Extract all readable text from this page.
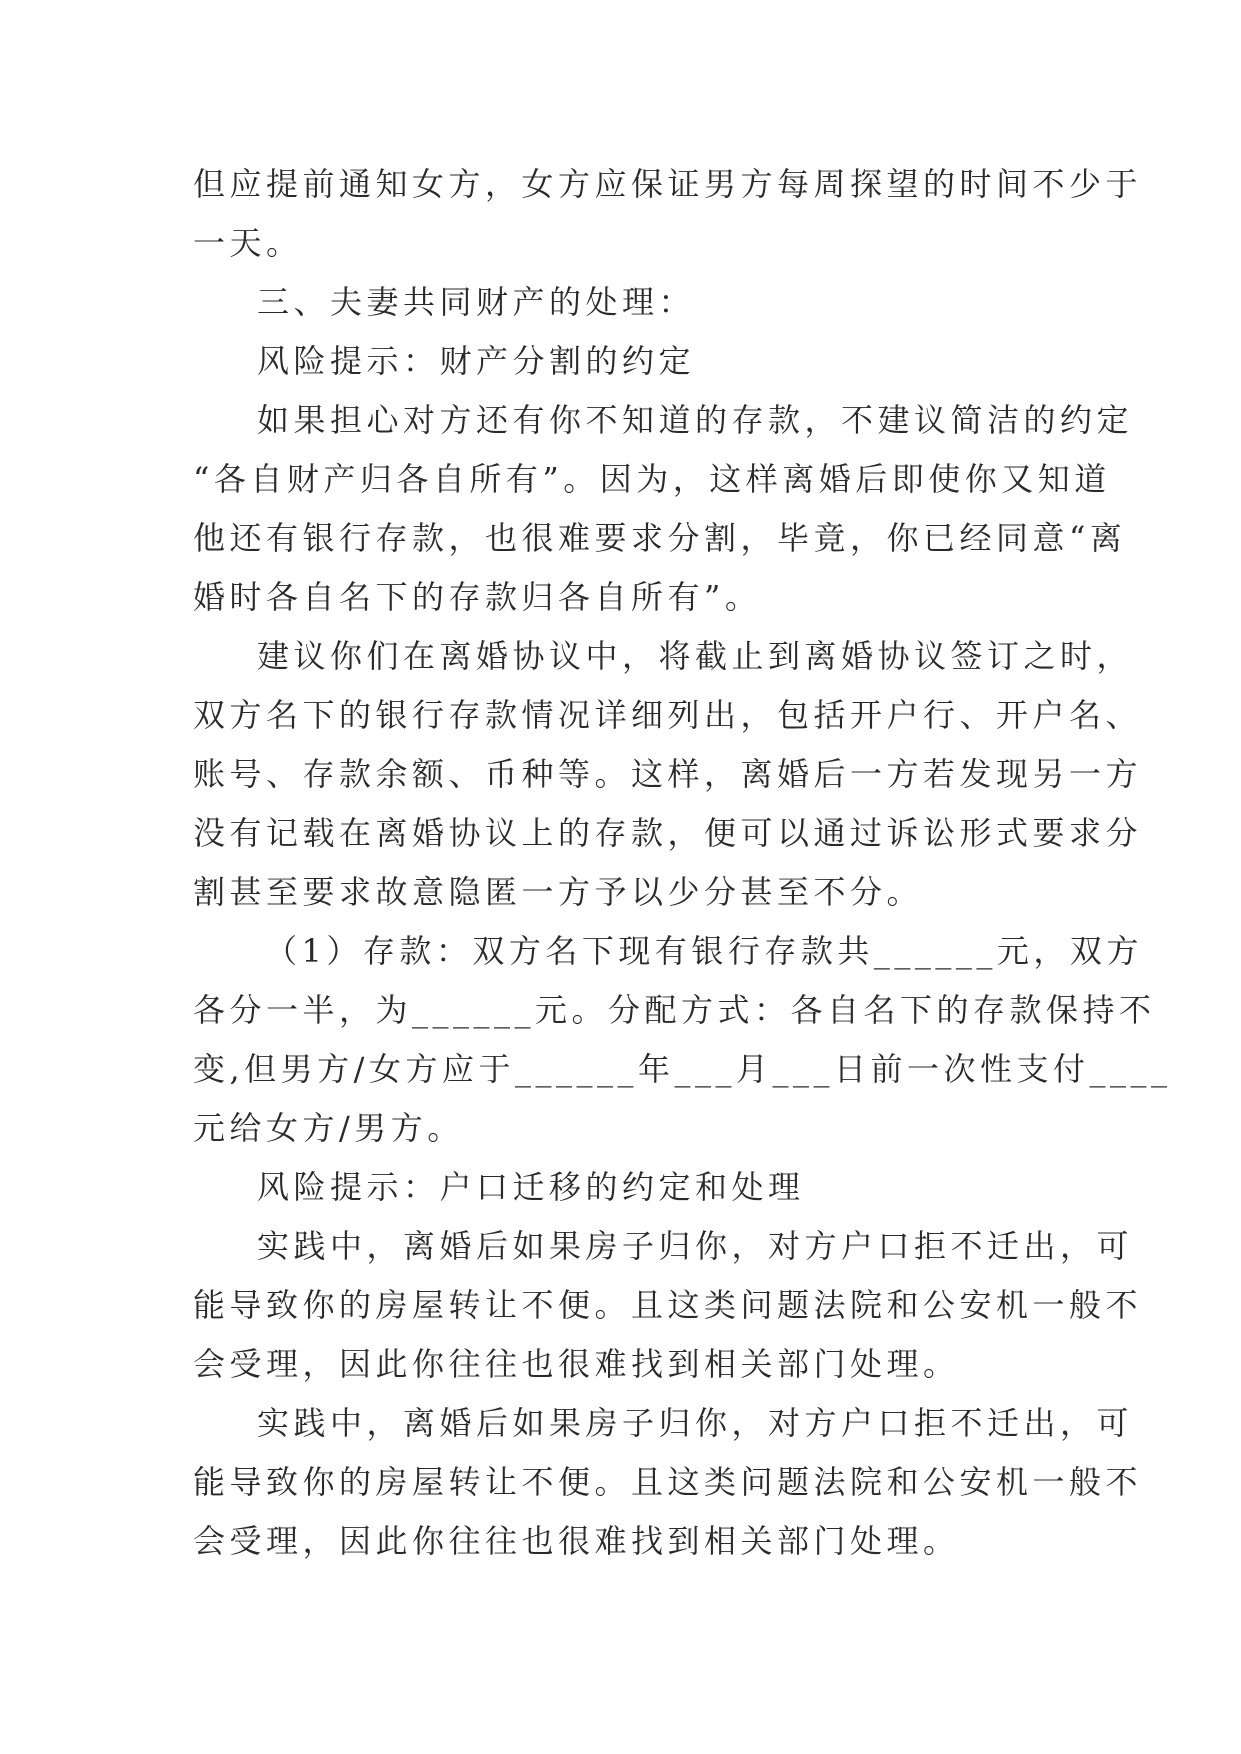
但应提前通知女方，女方应保证男方每周探望的时间不少于
一天。
三、夫妻共同财产的处理：
风险提示：财产分割的约定
如果担心对方还有你不知道的存款，不建议简洁的约定
“各自财产归各自所有”。因为，这样离婚后即使你又知道
他还有银行存款，也很难要求分割，毕竟，你已经同意“离
婚时各自名下的存款归各自所有”。
建议你们在离婚协议中，将截止到离婚协议签订之时，
双方名下的银行存款情况详细列出，包括开户行、开户名、
账号、存款余额、币种等。这样，离婚后一方若发现另一方
没有记载在离婚协议上的存款，便可以通过诉讼形式要求分
割甚至要求故意隐匿一方予以少分甚至不分。
（1）存款：双方名下现有银行存款共______元，双方
各分一半，为______元。分配方式：各自名下的存款保持不
变,但男方/女方应于______年___月___日前一次性支付____
元给女方/男方。
风险提示：户口迁移的约定和处理
实践中，离婚后如果房子归你，对方户口拒不迁出，可
能导致你的房屋转让不便。且这类问题法院和公安机一般不
会受理，因此你往往也很难找到相关部门处理。
实践中，离婚后如果房子归你，对方户口拒不迁出，可
能导致你的房屋转让不便。且这类问题法院和公安机一般不
会受理，因此你往往也很难找到相关部门处理。
